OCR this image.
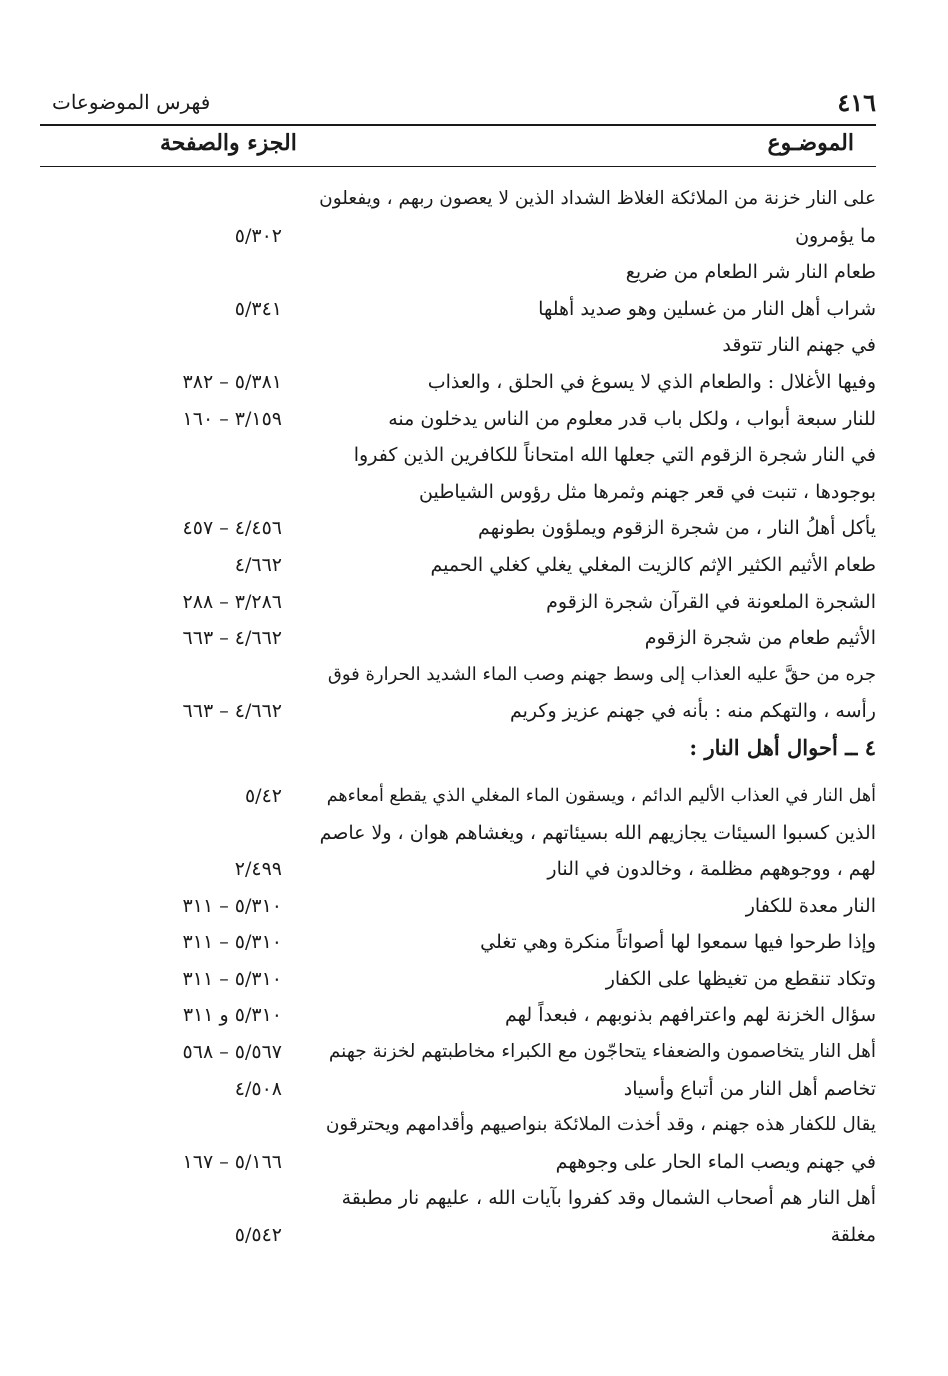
٤١٦
فهرس الموضوعات
الموضـوع
الجزء والصفحة
على النار خزنة من الملائكة الغلاظ الشداد الذين لا يعصون ربهم ، ويفعلون
ما يؤمرون
٥/٣٠٢
طعام النار شر الطعام من ضريع
شراب أهل النار من غسلين وهو صديد أهلها
٥/٣٤١
في جهنم النار تتوقد
وفيها الأغلال : والطعام الذي لا يسوغ في الحلق ، والعذاب
٥/٣٨١ – ٣٨٢
للنار سبعة أبواب ، ولكل باب قدر معلوم من الناس يدخلون منه
٣/١٥٩ – ١٦٠
في النار شجرة الزقوم التي جعلها الله امتحاناً للكافرين الذين كفروا
بوجودها ، تنبت في قعر جهنم وثمرها مثل رؤوس الشياطين
يأكل أهلُ النار ، من شجرة الزقوم ويملؤون بطونهم
٤/٤٥٦ – ٤٥٧
طعام الأثيم الكثير الإثم كالزيت المغلي يغلي كغلي الحميم
٤/٦٦٢
الشجرة الملعونة في القرآن شجرة الزقوم
٣/٢٨٦ – ٢٨٨
الأثيم طعام من شجرة الزقوم
٤/٦٦٢ – ٦٦٣
جره من حقَّ عليه العذاب إلى وسط جهنم وصب الماء الشديد الحرارة فوق
رأسه ، والتهكم منه : بأنه في جهنم عزيز وكريم
٤/٦٦٢ – ٦٦٣
٤ ــ أحوال أهل النار :
أهل النار في العذاب الأليم الدائم ، ويسقون الماء المغلي الذي يقطع أمعاءهم
٥/٤٢
الذين كسبوا السيئات يجازيهم الله بسيئاتهم ، ويغشاهم هوان ، ولا عاصم
لهم ، ووجوههم مظلمة ، وخالدون في النار
٢/٤٩٩
النار معدة للكفار
٥/٣١٠ – ٣١١
وإذا طرحوا فيها سمعوا لها أصواتاً منكرة وهي تغلي
٥/٣١٠ – ٣١١
وتكاد تنقطع من تغيظها على الكفار
٥/٣١٠ – ٣١١
سؤال الخزنة لهم واعترافهم بذنوبهم ، فبعداً لهم
٥/٣١٠ و ٣١١
أهل النار يتخاصمون والضعفاء يتحاجّون مع الكبراء مخاطبتهم لخزنة جهنم
٥/٥٦٧ – ٥٦٨
تخاصم أهل النار من أتباع وأسياد
٤/٥٠٨
يقال للكفار هذه جهنم ، وقد أخذت الملائكة بنواصيهم وأقدامهم ويحترقون
في جهنم ويصب الماء الحار على وجوههم
٥/١٦٦ – ١٦٧
أهل النار هم أصحاب الشمال وقد كفروا بآيات الله ، عليهم نار مطبقة
مغلقة
٥/٥٤٢
